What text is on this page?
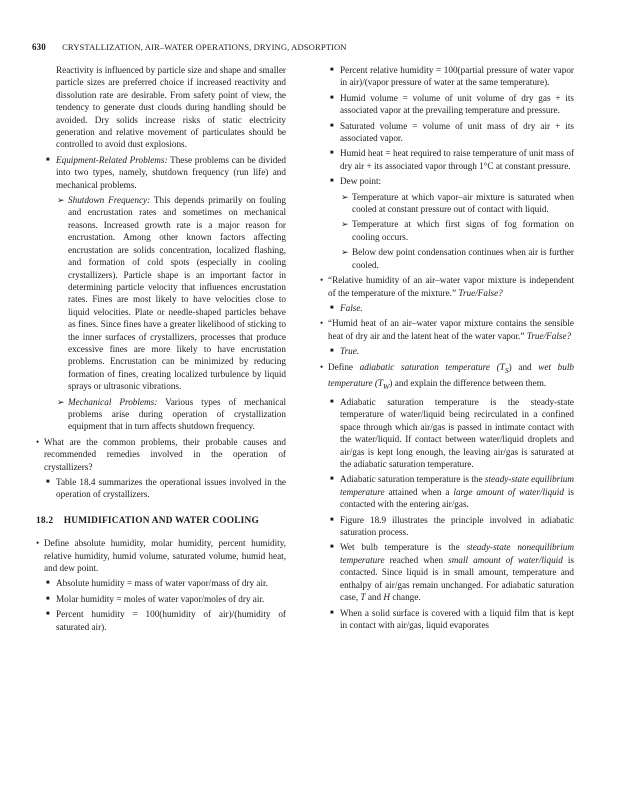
630 CRYSTALLIZATION, AIR–WATER OPERATIONS, DRYING, ADSORPTION

Reactivity is influenced by particle size and shape and smaller particle sizes are preferred choice if increased reactivity and dissolution rate are desirable. From safety point of view, the tendency to generate dust clouds during handling should be avoided. Dry solids increase risks of static electricity generation and relative movement of particulates should be controlled to avoid dust explosions.

■ Equipment-Related Problems: These problems can be divided into two types, namely, shutdown frequency (run life) and mechanical problems.
➢ Shutdown Frequency: This depends primarily on fouling and encrustation rates and sometimes on mechanical reasons. Increased growth rate is a major reason for encrustation. Among other known factors affecting encrustation are solids concentration, localized flashing, and formation of cold spots (especially in cooling crystallizers). Particle shape is an important factor in determining particle velocity that influences encrustation rates. Fines are most likely to have velocities close to liquid velocities. Plate or needle-shaped particles behave as fines. Since fines have a greater likelihood of sticking to the inner surfaces of crystallizers, processes that produce excessive fines are more likely to have encrustation problems. Encrustation can be minimized by reducing formation of fines, creating localized turbulence by liquid sprays or ultrasonic vibrations.
➢ Mechanical Problems: Various types of mechanical problems arise during operation of crystallization equipment that in turn affects shutdown frequency.
• What are the common problems, their probable causes and recommended remedies involved in the operation of crystallizers?
■ Table 18.4 summarizes the operational issues involved in the operation of crystallizers.
18.2 HUMIDIFICATION AND WATER COOLING
• Define absolute humidity, molar humidity, percent humidity, relative humidity, humid volume, saturated volume, humid heat, and dew point.
■ Absolute humidity = mass of water vapor/mass of dry air.
■ Molar humidity = moles of water vapor/moles of dry air.
■ Percent humidity = 100(humidity of air)/(humidity of saturated air).
■ Percent relative humidity = 100(partial pressure of water vapor in air)/(vapor pressure of water at the same temperature).
■ Humid volume = volume of unit volume of dry gas + its associated vapor at the prevailing temperature and pressure.
■ Saturated volume = volume of unit mass of dry air + its associated vapor.
■ Humid heat = heat required to raise temperature of unit mass of dry air + its associated vapor through 1°C at constant pressure.
■ Dew point:
➢ Temperature at which vapor–air mixture is saturated when cooled at constant pressure out of contact with liquid.
➢ Temperature at which first signs of fog formation on cooling occurs.
➢ Below dew point condensation continues when air is further cooled.
• “Relative humidity of an air–water vapor mixture is independent of the temperature of the mixture.” True/False?
■ False.
• “Humid heat of an air–water vapor mixture contains the sensible heat of dry air and the latent heat of the water vapor.” True/False?
■ True.
• Define adiabatic saturation temperature $(T_S)$ and wet bulb temperature $(T_W)$ and explain the difference between them.
■ Adiabatic saturation temperature is the steady-state temperature of water/liquid being recirculated in a confined space through which air/gas is passed in intimate contact with the water/liquid. If contact between water/liquid droplets and air/gas is kept long enough, the leaving air/gas is saturated at the adiabatic saturation temperature.
■ Adiabatic saturation temperature is the steady-state equilibrium temperature attained when a large amount of water/liquid is contacted with the entering air/gas.
■ Figure 18.9 illustrates the principle involved in adiabatic saturation process.
■ Wet bulb temperature is the steady-state nonequilibrium temperature reached when small amount of water/liquid is contacted. Since liquid is in small amount, temperature and enthalpy of air/gas remain unchanged. For adiabatic saturation case, T and H change.
■ When a solid surface is covered with a liquid film that is kept in contact with air/gas, liquid evaporates
